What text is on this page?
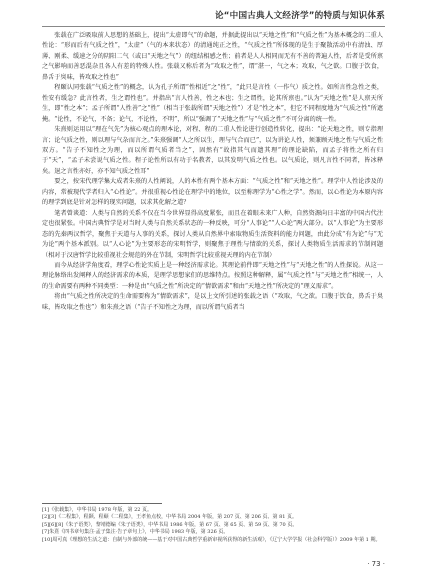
论“中国古典人文经济学”的特质与知识体系

张载在广泛吸取前人思想的基础上，提出“太虚即气”的命题，并据此提出以“天地之性”和“气质之性”为基本概念的二重人性论：“形而后有气质之性”，“太虚”（气的本来状态）的清通纯正之性，“气质之性”所体现的是生于聚散活动中有清浊、厚薄、刚柔、缓速之分的阴阳二气（或曰“天地之气”）的纽结相感之性；前者是人人相同而无有不善的普遍人性，后者是受所禀之气影响而善恶混杂且各人有差的特殊人性。张载又称后者为“攻取之性”，谓“湛一，气之本；攻取，气之欲。口腹于饮食，鼻舌于臭味，皆攻取之性也”

程颐认同张载“气质之性”的概念，认为孔子所谓“性相近”之“性”，“此只是言性（一作气）质之性。如所言性急性之类，性安有缓急？此言性者，生之谓性也”。并指出“言人性善，性之本也；生之谓性，论其所禀也。”认为“天地之性”是人禀天所生，即“性之本”；孟子所谓“人性善”之“性”（相当于张载所谓“天地之性”）才是“性之本”，但它不同程度地为“气质之性”所遮掩。“论性，不论气，不备；论气，不论性，不明”，所以“强调了“天地之性”与“气质之性”不可分离的统一性。

朱熹则运用以“理在气先”为核心观点的理本论，对程、程的二重人性论进行创造性转化，提出：“论天地之性，则专指理言；论气质之性，则以理与气杂而言之。”朱熹强调“人之所以生，理与气合而已”，以为讲论人性，须兼顾天地之性与气质之性双方。“告子不知性之为理，而以所谓气质者当之”，固然有“故指其气而遗其理”的理论缺陷，而孟子将性之所有归于“天”，“孟子未尝说气质之性。程子论性所以有功于名教者，以其发明气质之性也。以气质论，则凡言性不同者，皆冰释矣。退之言性亦好，亦不知气质之性耳”

要之，按宋代理学集大成者朱熹的人性阐说，人的本性有两个基本方面：“气质之性”和“天地之性”。理学中人性论涉及的内容，常被现代学者归入“心性论”。并很重视心性论在理学中的地位，以至称理学为“心性之学”。然而，以心性论为本原内容的理学到底是针对怎样的现实问题，以求其化解之道？

笔者曾谈道：人类与自然的关系不仅在当今世界显得高度紧张，而且在着眼未来广人种，自然资源向日丰富的中国古代注定也很紧张。中国古典哲学是对当时人类与自然关系状态的一种反映，可分“人事论”“人心论”两大部分。以“人事论”为主要形态的先秦两汉哲学，聚焦于天道与人事的关系，探讨人类从自然界中索取物质生活资料的能力问题，由此分成“有为论”与“无为论”两个基本派别。以“人心论”为主要形态的宋明哲学，则聚焦于理性与情欲的关系，探讨人类物质生活需求的节制问题（相对于汉唐哲学比较重视社会规范的外在节制，宋明哲学比较重视天理的内在节制）

而今从经济学角度看，理学心性论实质上是一种经济需求论。其理论前件即“天地之性”与“天地之性”的人性探说。从这一理论脉络出发阐释人的经济需求的本质，是理学思想家们的思维特点。按照这种解释，属“气质之性”与“天地之性”相统一，人的生命需要有两种不同类型：一种是由“气质之性”所决定的“情欲需求”和由“天地之性”所决定的“理义需求”。

将由“气质之性所决定的生命需要称为“情欲需求”，是以上文所引述的张载之语（“攻取，气之欲。口腹于饮食，鼻舌于臭味，皆攻取之性也”）和朱熹之语（“告子不知性之为理，而以所谓气质者当

[1]《张载集》，中华书局 1978 年版，第 22 页。
[2][3]《二程集》，程颢、程颐《二程集》，王孝鱼点校，中华书局 2004 年版，第 207 页、第 206 页、第 81 页。
[5][6][8]《朱子语类》，黎靖德编《朱子语类》，中华书局 1986 年版，第 67 页、第 65 页、第 59 页、第 70 页。
[7]朱熹《四书章句集注·孟子集注·告子章句上》，中华书局 1983 年版，第 326 页。
[10]周可真《理想的生活之道：自制与外部的统——基于对中国古典哲学重新审视所获得的新生活观》，《辽宁大学学报（社会科学版）》2009 年第 1 期。
· 73 ·
